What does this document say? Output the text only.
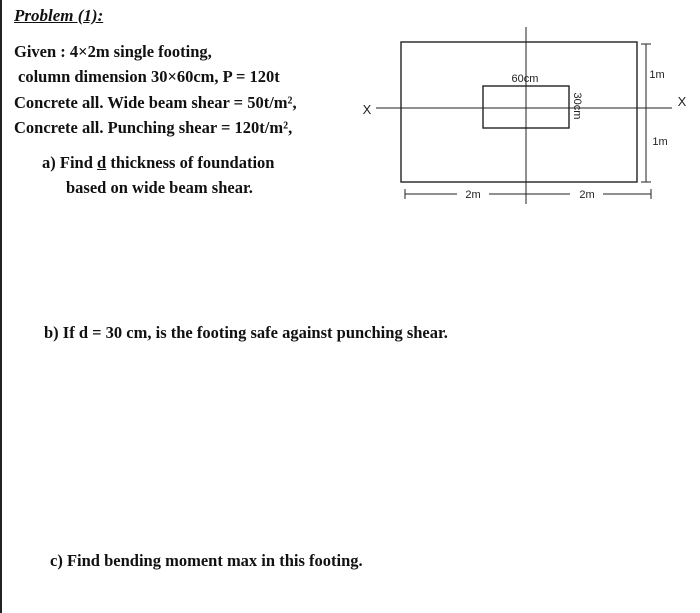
Problem (1):
Given : 4×2m single footing,
column dimension 30×60cm, P = 120t
Concrete all. Wide beam shear = 50t/m²,
Concrete all. Punching shear = 120t/m²,
a) Find d thickness of foundation
based on wide beam shear.
b) If d = 30 cm, is the footing safe against punching shear.
c) Find bending moment max in this footing.
60cm
30cm
2m	2m
1m
1m
X
X
